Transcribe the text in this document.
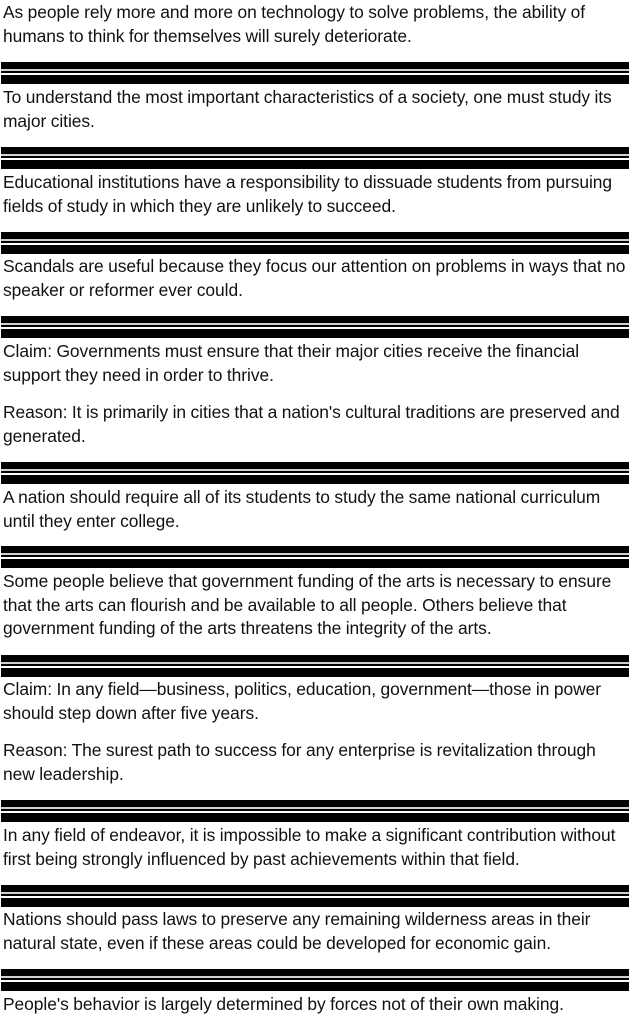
As people rely more and more on technology to solve problems, the ability of humans to think for themselves will surely deteriorate.

To understand the most important characteristics of a society, one must study its major cities.

Educational institutions have a responsibility to dissuade students from pursuing fields of study in which they are unlikely to succeed.

Scandals are useful because they focus our attention on problems in ways that no speaker or reformer ever could.

Claim: Governments must ensure that their major cities receive the financial support they need in order to thrive.

Reason: It is primarily in cities that a nation's cultural traditions are preserved and generated.

A nation should require all of its students to study the same national curriculum until they enter college.

Some people believe that government funding of the arts is necessary to ensure that the arts can flourish and be available to all people. Others believe that government funding of the arts threatens the integrity of the arts.

Claim: In any field—business, politics, education, government—those in power should step down after five years.

Reason: The surest path to success for any enterprise is revitalization through new leadership.

In any field of endeavor, it is impossible to make a significant contribution without first being strongly influenced by past achievements within that field.

Nations should pass laws to preserve any remaining wilderness areas in their natural state, even if these areas could be developed for economic gain.

People's behavior is largely determined by forces not of their own making.
